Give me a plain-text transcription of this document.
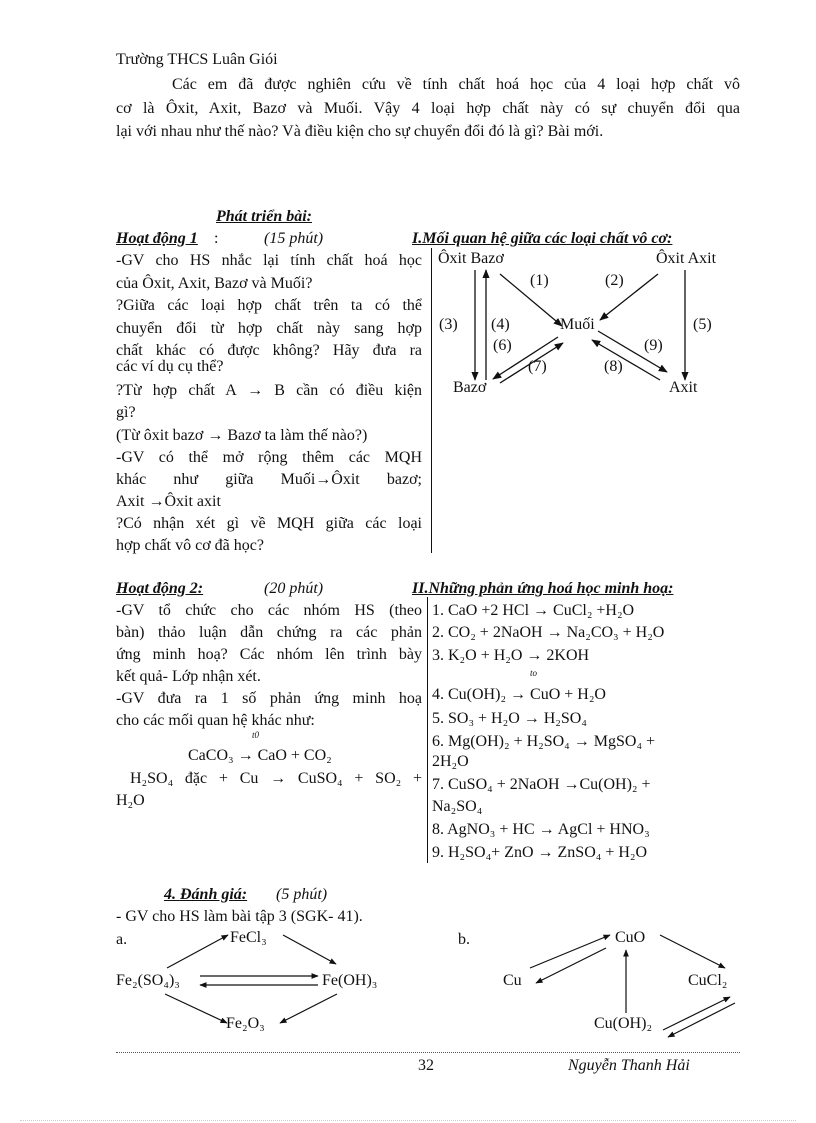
Trường THCS Luân Giói
Các em đã được nghiên cứu về tính chất hoá học của 4 loại hợp chất vô
cơ là Ôxit, Axit, Bazơ và Muối. Vậy 4 loại hợp chất này có sự chuyển đổi qua
lại với nhau như thế nào? Và điều kiện cho sự chuyển đổi đó là gì? Bài mới.
Phát triển bài:
Hoạt động 1 :	(15 phút)	I.Mối quan hệ giữa các loại chất vô cơ:
-GV cho HS nhắc lại tính chất hoá học
của Ôxit, Axit, Bazơ và Muối?
?Giữa các loại hợp chất trên ta có thể
chuyển đổi từ hợp chất này sang hợp
chất khác có được không? Hãy đưa ra
các ví dụ cụ thể?
?Từ hợp chất A → B cần có điều kiện
gì?
(Từ ôxit bazơ → Bazơ ta làm thế nào?)
-GV có thể mở rộng thêm các MQH
khác như giữa Muối→Ôxit bazơ;
Axit →Ôxit axit
?Có nhận xét gì về MQH giữa các loại
hợp chất vô cơ đã học?
Ôxit Bazơ	Ôxit Axit
Muối
Bazơ	Axit
(1)	(2)
(3) (4)	(5)
(6)
(7)	(8)
(9)
Hoạt động 2:	(20 phút)	II.Những phản ứng hoá học minh hoạ:
-GV tổ chức cho các nhóm HS (theo
bàn) thảo luận dẫn chứng ra các phản
ứng minh hoạ? Các nhóm lên trình bày
kết quả- Lớp nhận xét.
-GV đưa ra 1 số phản ứng minh hoạ
cho các mối quan hệ khác như:
t0
CaCO₃ → CaO + CO₂
H₂SO₄ đặc + Cu → CuSO₄ + SO₂ +
H₂O
1. CaO +2 HCl → CuCl₂ +H₂O
2. CO₂ + 2NaOH → Na₂CO₃ + H₂O
3. K₂O + H₂O → 2KOH
to
4. Cu(OH)₂ → CuO + H₂O
5. SO₃ + H₂O → H₂SO₄
6. Mg(OH)₂ + H₂SO₄ → MgSO₄ +
2H₂O
7. CuSO₄ + 2NaOH →Cu(OH)₂ +
Na₂SO₄
8. AgNO₃ + HC → AgCl + HNO₃
9. H₂SO₄+ ZnO → ZnSO₄ + H₂O
4. Đánh giá: (5 phút)
- GV cho HS làm bài tập 3 (SGK- 41).
a.	b.
FeCl₃
Fe₂(SO₄)₃	Fe(OH)₃
Fe₂O₃
CuO
Cu	CuCl₂
Cu(OH)₂
32	Nguyễn Thanh Hải
